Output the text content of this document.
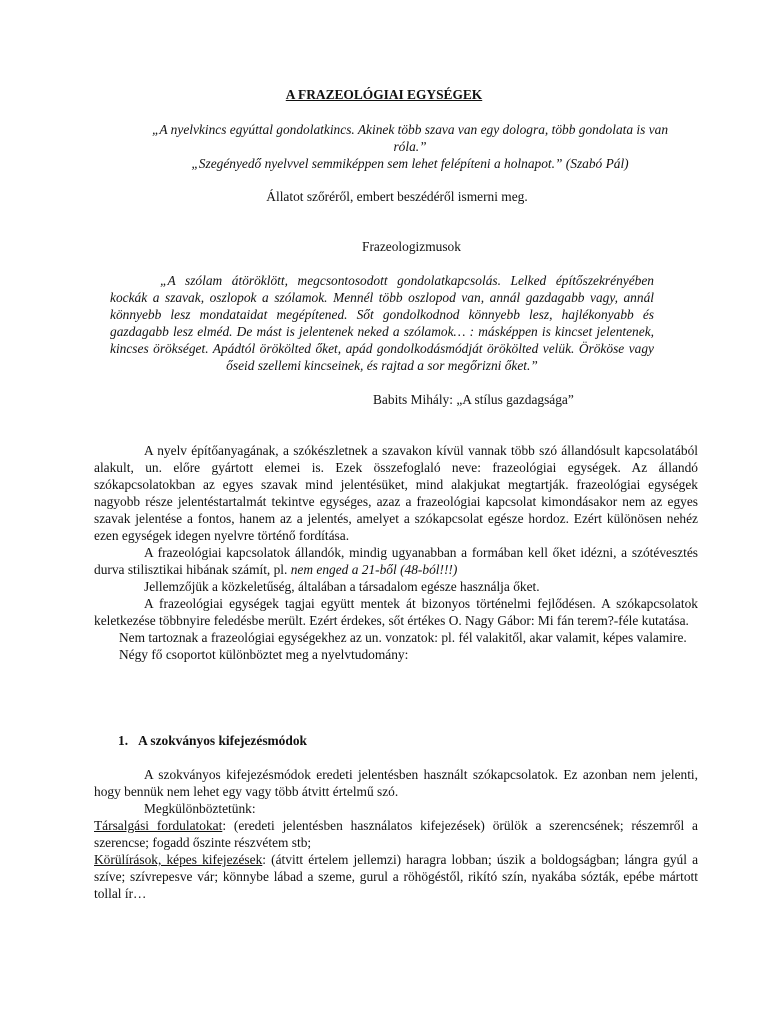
A FRAZEOLÓGIAI EGYSÉGEK
„A nyelvkincs egyúttal gondolatkincs. Akinek több szava van egy dologra, több gondolata is van
róla.”
„Szegényedő nyelvvel semmiképpen sem lehet felépíteni a holnapot.” (Szabó Pál)
Állatot szőréről, embert beszédéről ismerni meg.
Frazeologizmusok
„A szólam átöröklött, megcsontosodott gondolatkapcsolás. Lelked építőszekrényében kockák a szavak, oszlopok a szólamok. Mennél több oszlopod van, annál gazdagabb vagy, annál könnyebb lesz mondataidat megépítened. Sőt gondolkodnod könnyebb lesz, hajlékonyabb és gazdagabb lesz elméd. De mást is jelentenek neked a szólamok… : másképpen is kincset jelentenek, kincses örökséget. Apádtól örökölted őket, apád gondolkodásmódját örökölted velük. Örököse vagy őseid szellemi kincseinek, és rajtad a sor megőrizni őket.”
Babits Mihály: „A stílus gazdagsága”

A nyelv építőanyagának, a szókészletnek a szavakon kívül vannak több szó állandósult kapcsolatából alakult, un. előre gyártott elemei is. Ezek összefoglaló neve: frazeológiai egységek. Az állandó szókapcsolatokban az egyes szavak mind jelentésüket, mind alakjukat megtartják. frazeológiai egységek nagyobb része jelentéstartalmát tekintve egységes, azaz a frazeológiai kapcsolat kimondásakor nem az egyes szavak jelentése a fontos, hanem az a jelentés, amelyet a szókapcsolat egésze hordoz. Ezért különösen nehéz ezen egységek idegen nyelvre történő fordítása.

A frazeológiai kapcsolatok állandók, mindig ugyanabban a formában kell őket idézni, a szótévesztés durva stilisztikai hibának számít, pl. nem enged a 21-ből (48-ból!!!)

Jellemzőjük a közkeletűség, általában a társadalom egésze használja őket.

A frazeológiai egységek tagjai együtt mentek át bizonyos történelmi fejlődésen. A szókapcsolatok keletkezése többnyire feledésbe merült. Ezért érdekes, sőt értékes O. Nagy Gábor: Mi fán terem?-féle kutatása.

Nem tartoznak a frazeológiai egységekhez az un. vonzatok: pl. fél valakitől, akar valamit, képes valamire.

Négy fő csoportot különböztet meg a nyelvtudomány:

1. A szokványos kifejezésmódok

A szokványos kifejezésmódok eredeti jelentésben használt szókapcsolatok. Ez azonban nem jelenti, hogy bennük nem lehet egy vagy több átvitt értelmű szó.

Megkülönböztetünk:

Társalgási fordulatokat: (eredeti jelentésben használatos kifejezések) örülök a szerencsének; részemről a szerencse; fogadd őszinte részvétem stb;

Körülírások, képes kifejezések: (átvitt értelem jellemzi) haragra lobban; úszik a boldogságban; lángra gyúl a szíve; szívrepesve vár; könnybe lábad a szeme, gurul a röhögéstől, rikító szín, nyakába sózták, epébe mártott tollal ír…
